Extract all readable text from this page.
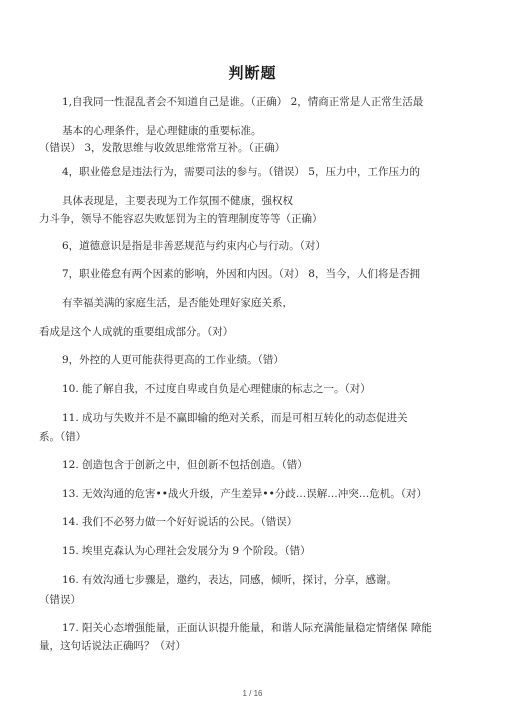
判断题
1,自我同一性混乱者会不知道自己是谁。（正确） 2，情商正常是人正常生活最
基本的心理条件，是心理健康的重要标准。
（错误） 3，发散思维与收敛思维常常互补。（正确）
4，职业倦怠是违法行为，需要司法的参与。（错误） 5，压力中，工作压力的
具体表现是，主要表现为工作氛围不健康，强权权
力斗争，领导不能容忍失败惩罚为主的管理制度等等（正确）
6，道德意识是指是非善恶规范与约束内心与行动。（对）
7，职业倦怠有两个因素的影响，外因和内因。（对） 8，当今，人们将是否拥
有幸福美满的家庭生活，是否能处理好家庭关系，
看成是这个人成就的重要组成部分。（对）
9，外控的人更可能获得更高的工作业绩。（错）
10. 能了解自我，不过度自卑或自负是心理健康的标志之一。（对）
11. 成功与失败并不是不赢即输的绝对关系，而是可相互转化的动态促进关
系。（错）
12. 创造包含于创新之中，但创新不包括创造。（错）
13. 无效沟通的危害••战火升级，产生差异••分歧…误解…冲突…危机。（对）
14. 我们不必努力做一个好好说话的公民。（错误）
15. 埃里克森认为心理社会发展分为 9 个阶段。（错）
16. 有效沟通七步骤是，邀约，表达，同感，倾听，探讨，分享，感谢。
（错误）
17. 阳关心态增强能量，正面认识提升能量，和谐人际充满能量稳定情绪保 障能
量，这句话说法正确吗？（对）
1 / 16
